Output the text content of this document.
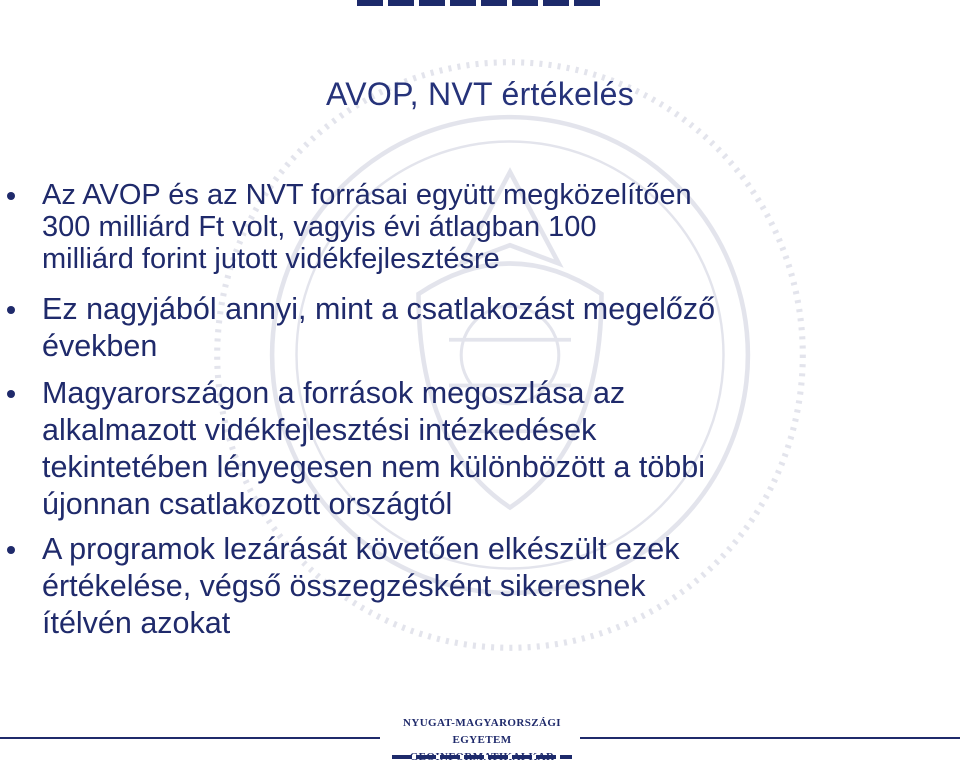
AVOP, NVT értékelés
Az AVOP és az NVT forrásai együtt megközelítően
300 milliárd Ft volt, vagyis évi átlagban 100
milliárd forint jutott vidékfejlesztésre
Ez nagyjából annyi, mint a csatlakozást megelőző
években
Magyarországon a források megoszlása az
alkalmazott vidékfejlesztési intézkedések
tekintetében lényegesen nem különbözött a többi
újonnan csatlakozott országtól
A programok lezárását követően elkészült ezek
értékelése, végső összegzésként sikeresnek
ítélvén azokat
NYUGAT-MAGYARORSZÁGI EGYETEM
